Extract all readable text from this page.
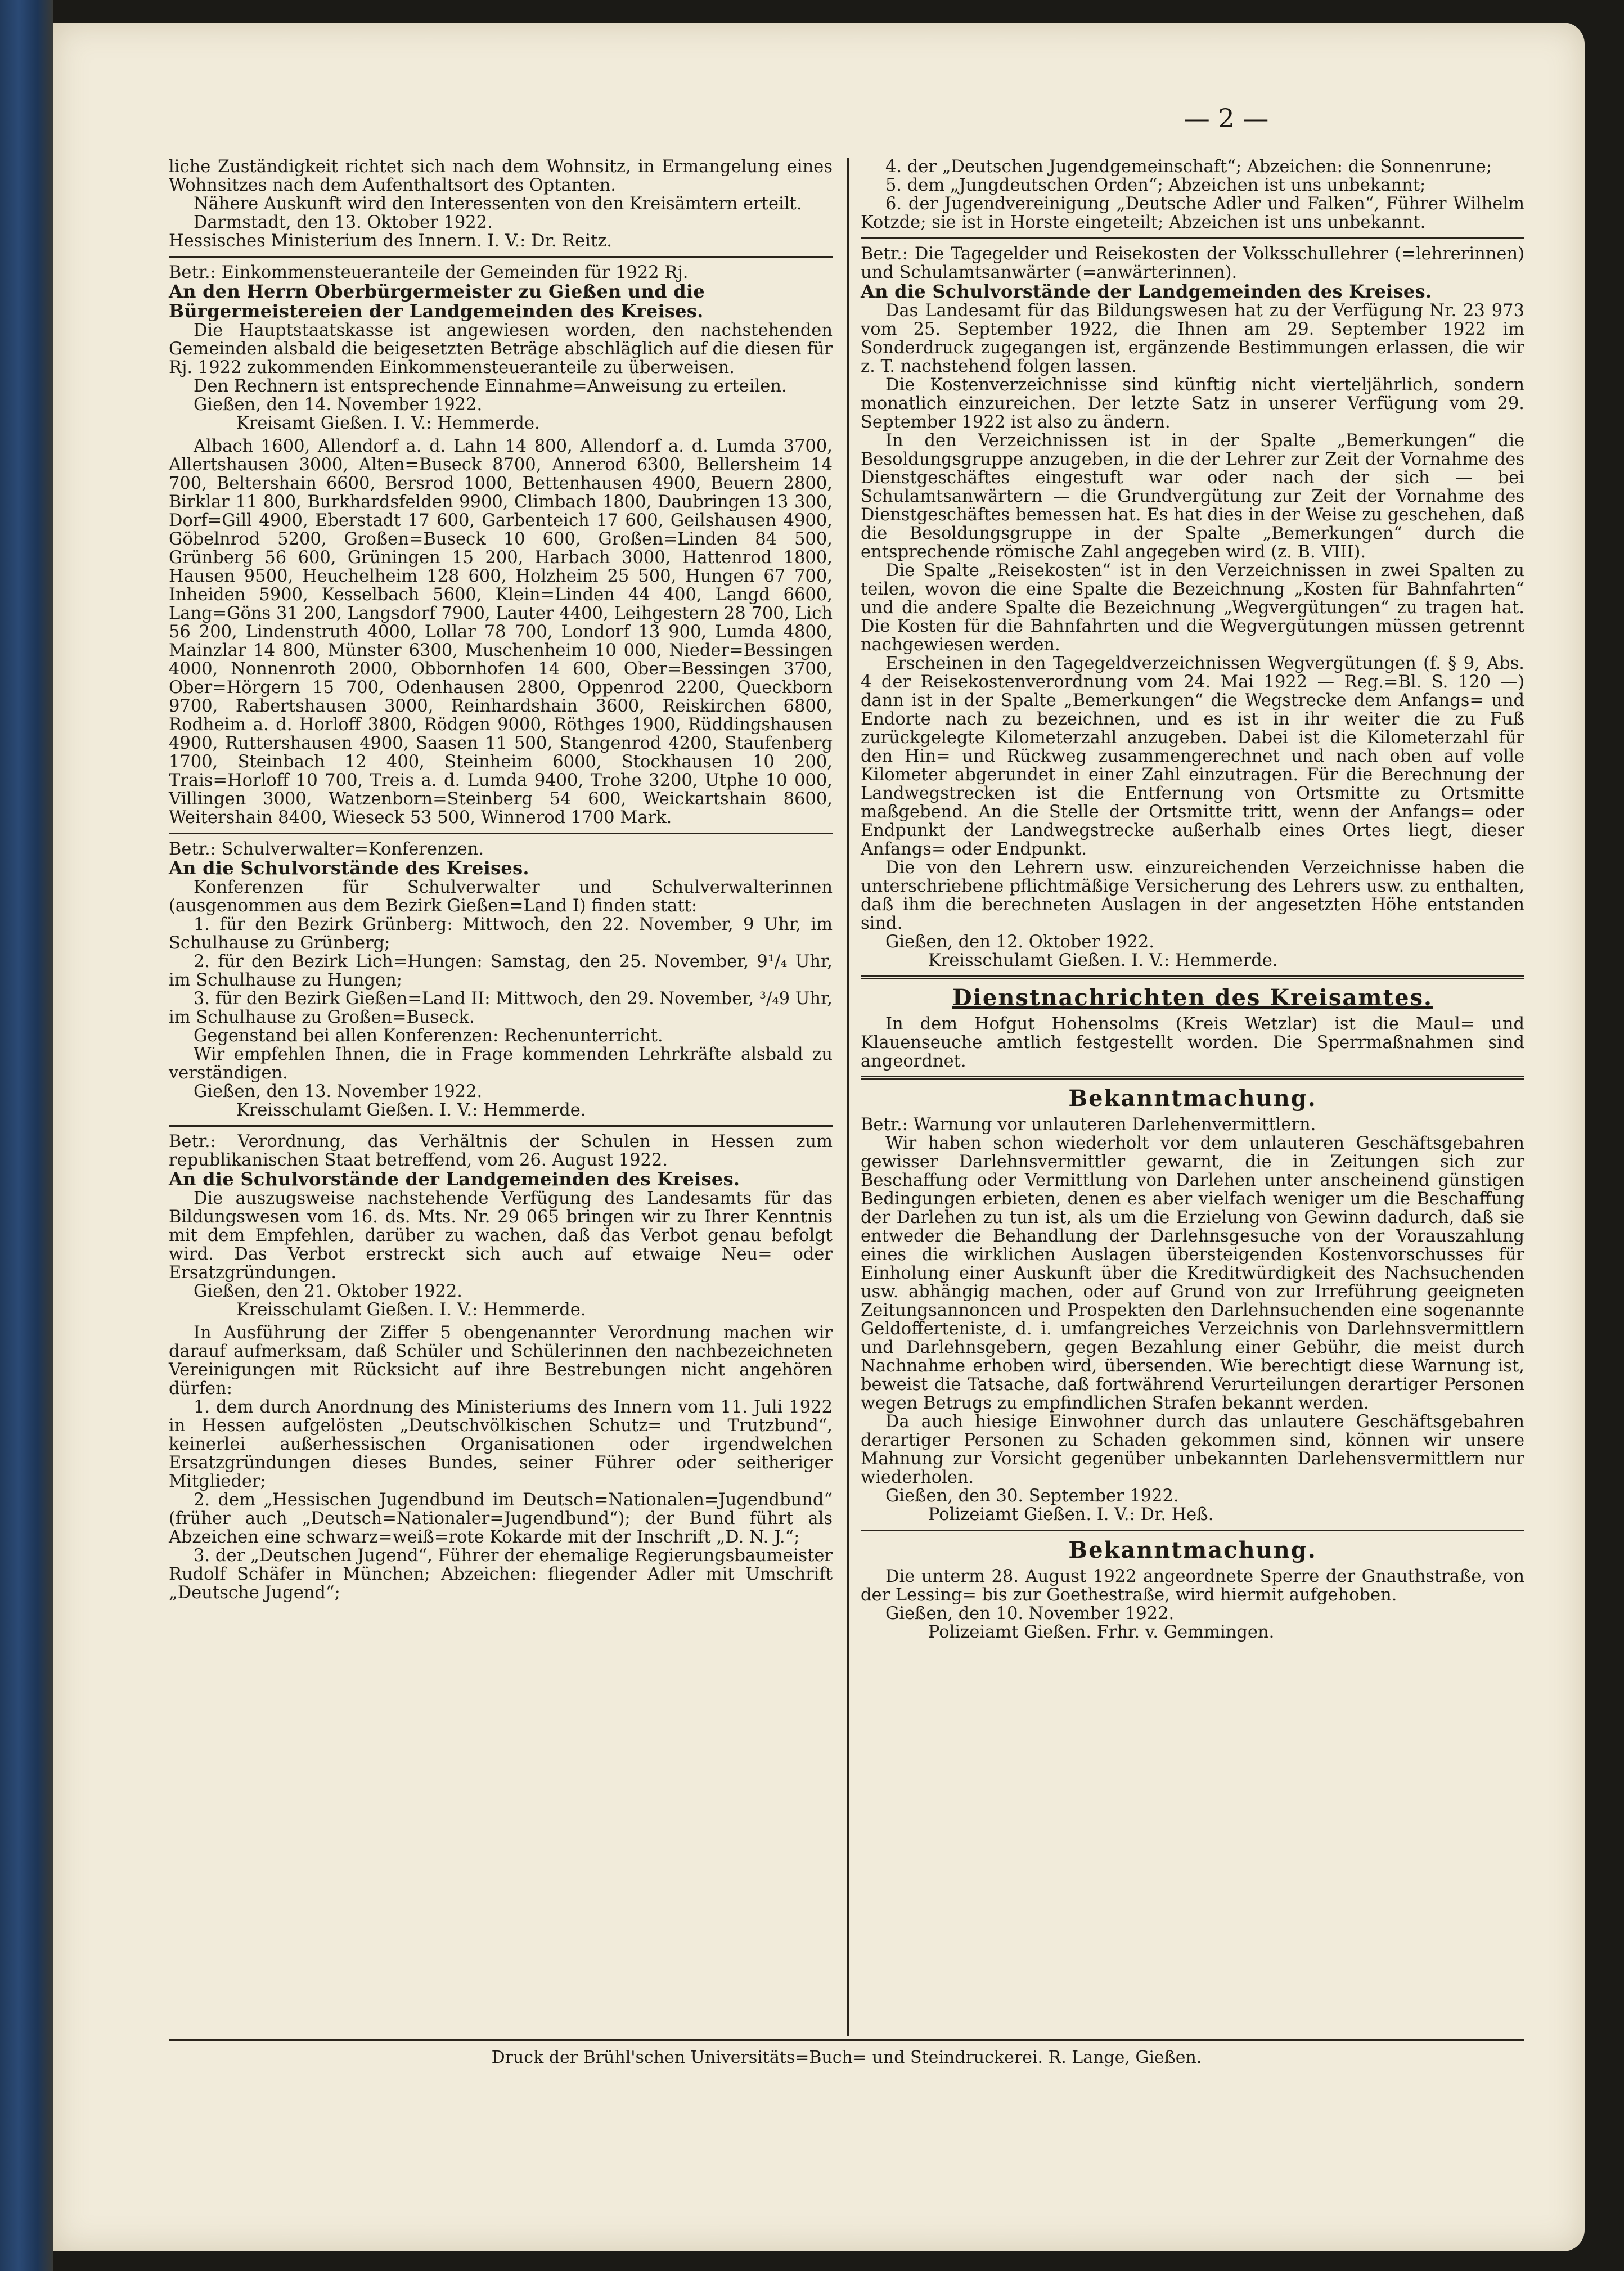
— 2 —

liche Zuständigkeit richtet sich nach dem Wohnsitz, in Ermangelung eines Wohnsitzes nach dem Aufenthaltsort des Optanten.

Nähere Auskunft wird den Interessenten von den Kreisämtern erteilt.

Darmstadt, den 13. Oktober 1922.

Hessisches Ministerium des Innern. I. V.: Dr. Reitz.

Betr.: Einkommensteueranteile der Gemeinden für 1922 Rj.

An den Herrn Oberbürgermeister zu Gießen und die Bürgermeistereien der Landgemeinden des Kreises.

Die Hauptstaatskasse ist angewiesen worden, den nachstehenden Gemeinden alsbald die beigesetzten Beträge abschläglich auf die diesen für Rj. 1922 zukommenden Einkommensteueranteile zu überweisen.

Den Rechnern ist entsprechende Einnahme=Anweisung zu erteilen.

Gießen, den 14. November 1922.

Kreisamt Gießen. I. V.: Hemmerde.

Albach 1600, Allendorf a. d. Lahn 14 800, Allendorf a. d. Lumda 3700, Allertshausen 3000, Alten=Buseck 8700, Annerod 6300, Bellersheim 14 700, Beltershain 6600, Bersrod 1000, Bettenhausen 4900, Beuern 2800, Birklar 11 800, Burkhardsfelden 9900, Climbach 1800, Daubringen 13 300, Dorf=Gill 4900, Eberstadt 17 600, Garbenteich 17 600, Geilshausen 4900, Göbelnrod 5200, Großen=Buseck 10 600, Großen=Linden 84 500, Grünberg 56 600, Grüningen 15 200, Harbach 3000, Hattenrod 1800, Hausen 9500, Heuchelheim 128 600, Holzheim 25 500, Hungen 67 700, Inheiden 5900, Kesselbach 5600, Klein=Linden 44 400, Langd 6600, Lang=Göns 31 200, Langsdorf 7900, Lauter 4400, Leihgestern 28 700, Lich 56 200, Lindenstruth 4000, Lollar 78 700, Londorf 13 900, Lumda 4800, Mainzlar 14 800, Münster 6300, Muschenheim 10 000, Nieder=Bessingen 4000, Nonnenroth 2000, Obbornhofen 14 600, Ober=Bessingen 3700, Ober=Hörgern 15 700, Odenhausen 2800, Oppenrod 2200, Queckborn 9700, Rabertshausen 3000, Reinhardshain 3600, Reiskirchen 6800, Rodheim a. d. Horloff 3800, Rödgen 9000, Röthges 1900, Rüddingshausen 4900, Ruttershausen 4900, Saasen 11 500, Stangenrod 4200, Staufenberg 1700, Steinbach 12 400, Steinheim 6000, Stockhausen 10 200, Trais=Horloff 10 700, Treis a. d. Lumda 9400, Trohe 3200, Utphe 10 000, Villingen 3000, Watzenborn=Steinberg 54 600, Weickartshain 8600, Weitershain 8400, Wieseck 53 500, Winnerod 1700 Mark.

Betr.: Schulverwalter=Konferenzen.

An die Schulvorstände des Kreises.

Konferenzen für Schulverwalter und Schulverwalterinnen (ausgenommen aus dem Bezirk Gießen=Land I) finden statt:

1. für den Bezirk Grünberg: Mittwoch, den 22. November, 9 Uhr, im Schulhause zu Grünberg;

2. für den Bezirk Lich=Hungen: Samstag, den 25. November, 9¹/₄ Uhr, im Schulhause zu Hungen;

3. für den Bezirk Gießen=Land II: Mittwoch, den 29. November, ³/₄9 Uhr, im Schulhause zu Großen=Buseck.

Gegenstand bei allen Konferenzen: Rechenunterricht.

Wir empfehlen Ihnen, die in Frage kommenden Lehrkräfte alsbald zu verständigen.

Gießen, den 13. November 1922.

Kreisschulamt Gießen. I. V.: Hemmerde.

Betr.: Verordnung, das Verhältnis der Schulen in Hessen zum republikanischen Staat betreffend, vom 26. August 1922.

An die Schulvorstände der Landgemeinden des Kreises.

Die auszugsweise nachstehende Verfügung des Landesamts für das Bildungswesen vom 16. ds. Mts. Nr. 29 065 bringen wir zu Ihrer Kenntnis mit dem Empfehlen, darüber zu wachen, daß das Verbot genau befolgt wird. Das Verbot erstreckt sich auch auf etwaige Neu= oder Ersatzgründungen.

Gießen, den 21. Oktober 1922.

Kreisschulamt Gießen. I. V.: Hemmerde.

In Ausführung der Ziffer 5 obengenannter Verordnung machen wir darauf aufmerksam, daß Schüler und Schülerinnen den nachbezeichneten Vereinigungen mit Rücksicht auf ihre Bestrebungen nicht angehören dürfen:

1. dem durch Anordnung des Ministeriums des Innern vom 11. Juli 1922 in Hessen aufgelösten „Deutschvölkischen Schutz= und Trutzbund“, keinerlei außerhessischen Organisationen oder irgendwelchen Ersatzgründungen dieses Bundes, seiner Führer oder seitheriger Mitglieder;

2. dem „Hessischen Jugendbund im Deutsch=Nationalen=Jugendbund“ (früher auch „Deutsch=Nationaler=Jugendbund“); der Bund führt als Abzeichen eine schwarz=weiß=rote Kokarde mit der Inschrift „D. N. J.“;

3. der „Deutschen Jugend“, Führer der ehemalige Regierungsbaumeister Rudolf Schäfer in München; Abzeichen: fliegender Adler mit Umschrift „Deutsche Jugend“;

4. der „Deutschen Jugendgemeinschaft“; Abzeichen: die Sonnenrune;

5. dem „Jungdeutschen Orden“; Abzeichen ist uns unbekannt;

6. der Jugendvereinigung „Deutsche Adler und Falken“, Führer Wilhelm Kotzde; sie ist in Horste eingeteilt; Abzeichen ist uns unbekannt.

Betr.: Die Tagegelder und Reisekosten der Volksschullehrer (=lehrerinnen) und Schulamtsanwärter (=anwärterinnen).

An die Schulvorstände der Landgemeinden des Kreises.

Das Landesamt für das Bildungswesen hat zu der Verfügung Nr. 23 973 vom 25. September 1922, die Ihnen am 29. September 1922 im Sonderdruck zugegangen ist, ergänzende Bestimmungen erlassen, die wir z. T. nachstehend folgen lassen.

Die Kostenverzeichnisse sind künftig nicht vierteljährlich, sondern monatlich einzureichen. Der letzte Satz in unserer Verfügung vom 29. September 1922 ist also zu ändern.

In den Verzeichnissen ist in der Spalte „Bemerkungen“ die Besoldungsgruppe anzugeben, in die der Lehrer zur Zeit der Vornahme des Dienstgeschäftes eingestuft war oder nach der sich — bei Schulamtsanwärtern — die Grundvergütung zur Zeit der Vornahme des Dienstgeschäftes bemessen hat. Es hat dies in der Weise zu geschehen, daß die Besoldungsgruppe in der Spalte „Bemerkungen“ durch die entsprechende römische Zahl angegeben wird (z. B. VIII).

Die Spalte „Reisekosten“ ist in den Verzeichnissen in zwei Spalten zu teilen, wovon die eine Spalte die Bezeichnung „Kosten für Bahnfahrten“ und die andere Spalte die Bezeichnung „Wegvergütungen“ zu tragen hat. Die Kosten für die Bahnfahrten und die Wegvergütungen müssen getrennt nachgewiesen werden.

Erscheinen in den Tagegeldverzeichnissen Wegvergütungen (f. § 9, Abs. 4 der Reisekostenverordnung vom 24. Mai 1922 — Reg.=Bl. S. 120 —) dann ist in der Spalte „Bemerkungen“ die Wegstrecke dem Anfangs= und Endorte nach zu bezeichnen, und es ist in ihr weiter die zu Fuß zurückgelegte Kilometerzahl anzugeben. Dabei ist die Kilometerzahl für den Hin= und Rückweg zusammengerechnet und nach oben auf volle Kilometer abgerundet in einer Zahl einzutragen. Für die Berechnung der Landwegstrecken ist die Entfernung von Ortsmitte zu Ortsmitte maßgebend. An die Stelle der Ortsmitte tritt, wenn der Anfangs= oder Endpunkt der Landwegstrecke außerhalb eines Ortes liegt, dieser Anfangs= oder Endpunkt.

Die von den Lehrern usw. einzureichenden Verzeichnisse haben die unterschriebene pflichtmäßige Versicherung des Lehrers usw. zu enthalten, daß ihm die berechneten Auslagen in der angesetzten Höhe entstanden sind.

Gießen, den 12. Oktober 1922.

Kreisschulamt Gießen. I. V.: Hemmerde.

Dienstnachrichten des Kreisamtes.

In dem Hofgut Hohensolms (Kreis Wetzlar) ist die Maul= und Klauenseuche amtlich festgestellt worden. Die Sperrmaßnahmen sind angeordnet.

Bekanntmachung.

Betr.: Warnung vor unlauteren Darlehenvermittlern.

Wir haben schon wiederholt vor dem unlauteren Geschäftsgebahren gewisser Darlehnsvermittler gewarnt, die in Zeitungen sich zur Beschaffung oder Vermittlung von Darlehen unter anscheinend günstigen Bedingungen erbieten, denen es aber vielfach weniger um die Beschaffung der Darlehen zu tun ist, als um die Erzielung von Gewinn dadurch, daß sie entweder die Behandlung der Darlehnsgesuche von der Vorauszahlung eines die wirklichen Auslagen übersteigenden Kostenvorschusses für Einholung einer Auskunft über die Kreditwürdigkeit des Nachsuchenden usw. abhängig machen, oder auf Grund von zur Irreführung geeigneten Zeitungsannoncen und Prospekten den Darlehnsuchenden eine sogenannte Geldofferteniste, d. i. umfangreiches Verzeichnis von Darlehnsvermittlern und Darlehnsgebern, gegen Bezahlung einer Gebühr, die meist durch Nachnahme erhoben wird, übersenden. Wie berechtigt diese Warnung ist, beweist die Tatsache, daß fortwährend Verurteilungen derartiger Personen wegen Betrugs zu empfindlichen Strafen bekannt werden.

Da auch hiesige Einwohner durch das unlautere Geschäftsgebahren derartiger Personen zu Schaden gekommen sind, können wir unsere Mahnung zur Vorsicht gegenüber unbekannten Darlehensvermittlern nur wiederholen.

Gießen, den 30. September 1922.

Polizeiamt Gießen. I. V.: Dr. Heß.

Bekanntmachung.

Die unterm 28. August 1922 angeordnete Sperre der Gnauthstraße, von der Lessing= bis zur Goethestraße, wird hiermit aufgehoben.

Gießen, den 10. November 1922.

Polizeiamt Gießen. Frhr. v. Gemmingen.

Druck der Brühl'schen Universitäts=Buch= und Steindruckerei. R. Lange, Gießen.
